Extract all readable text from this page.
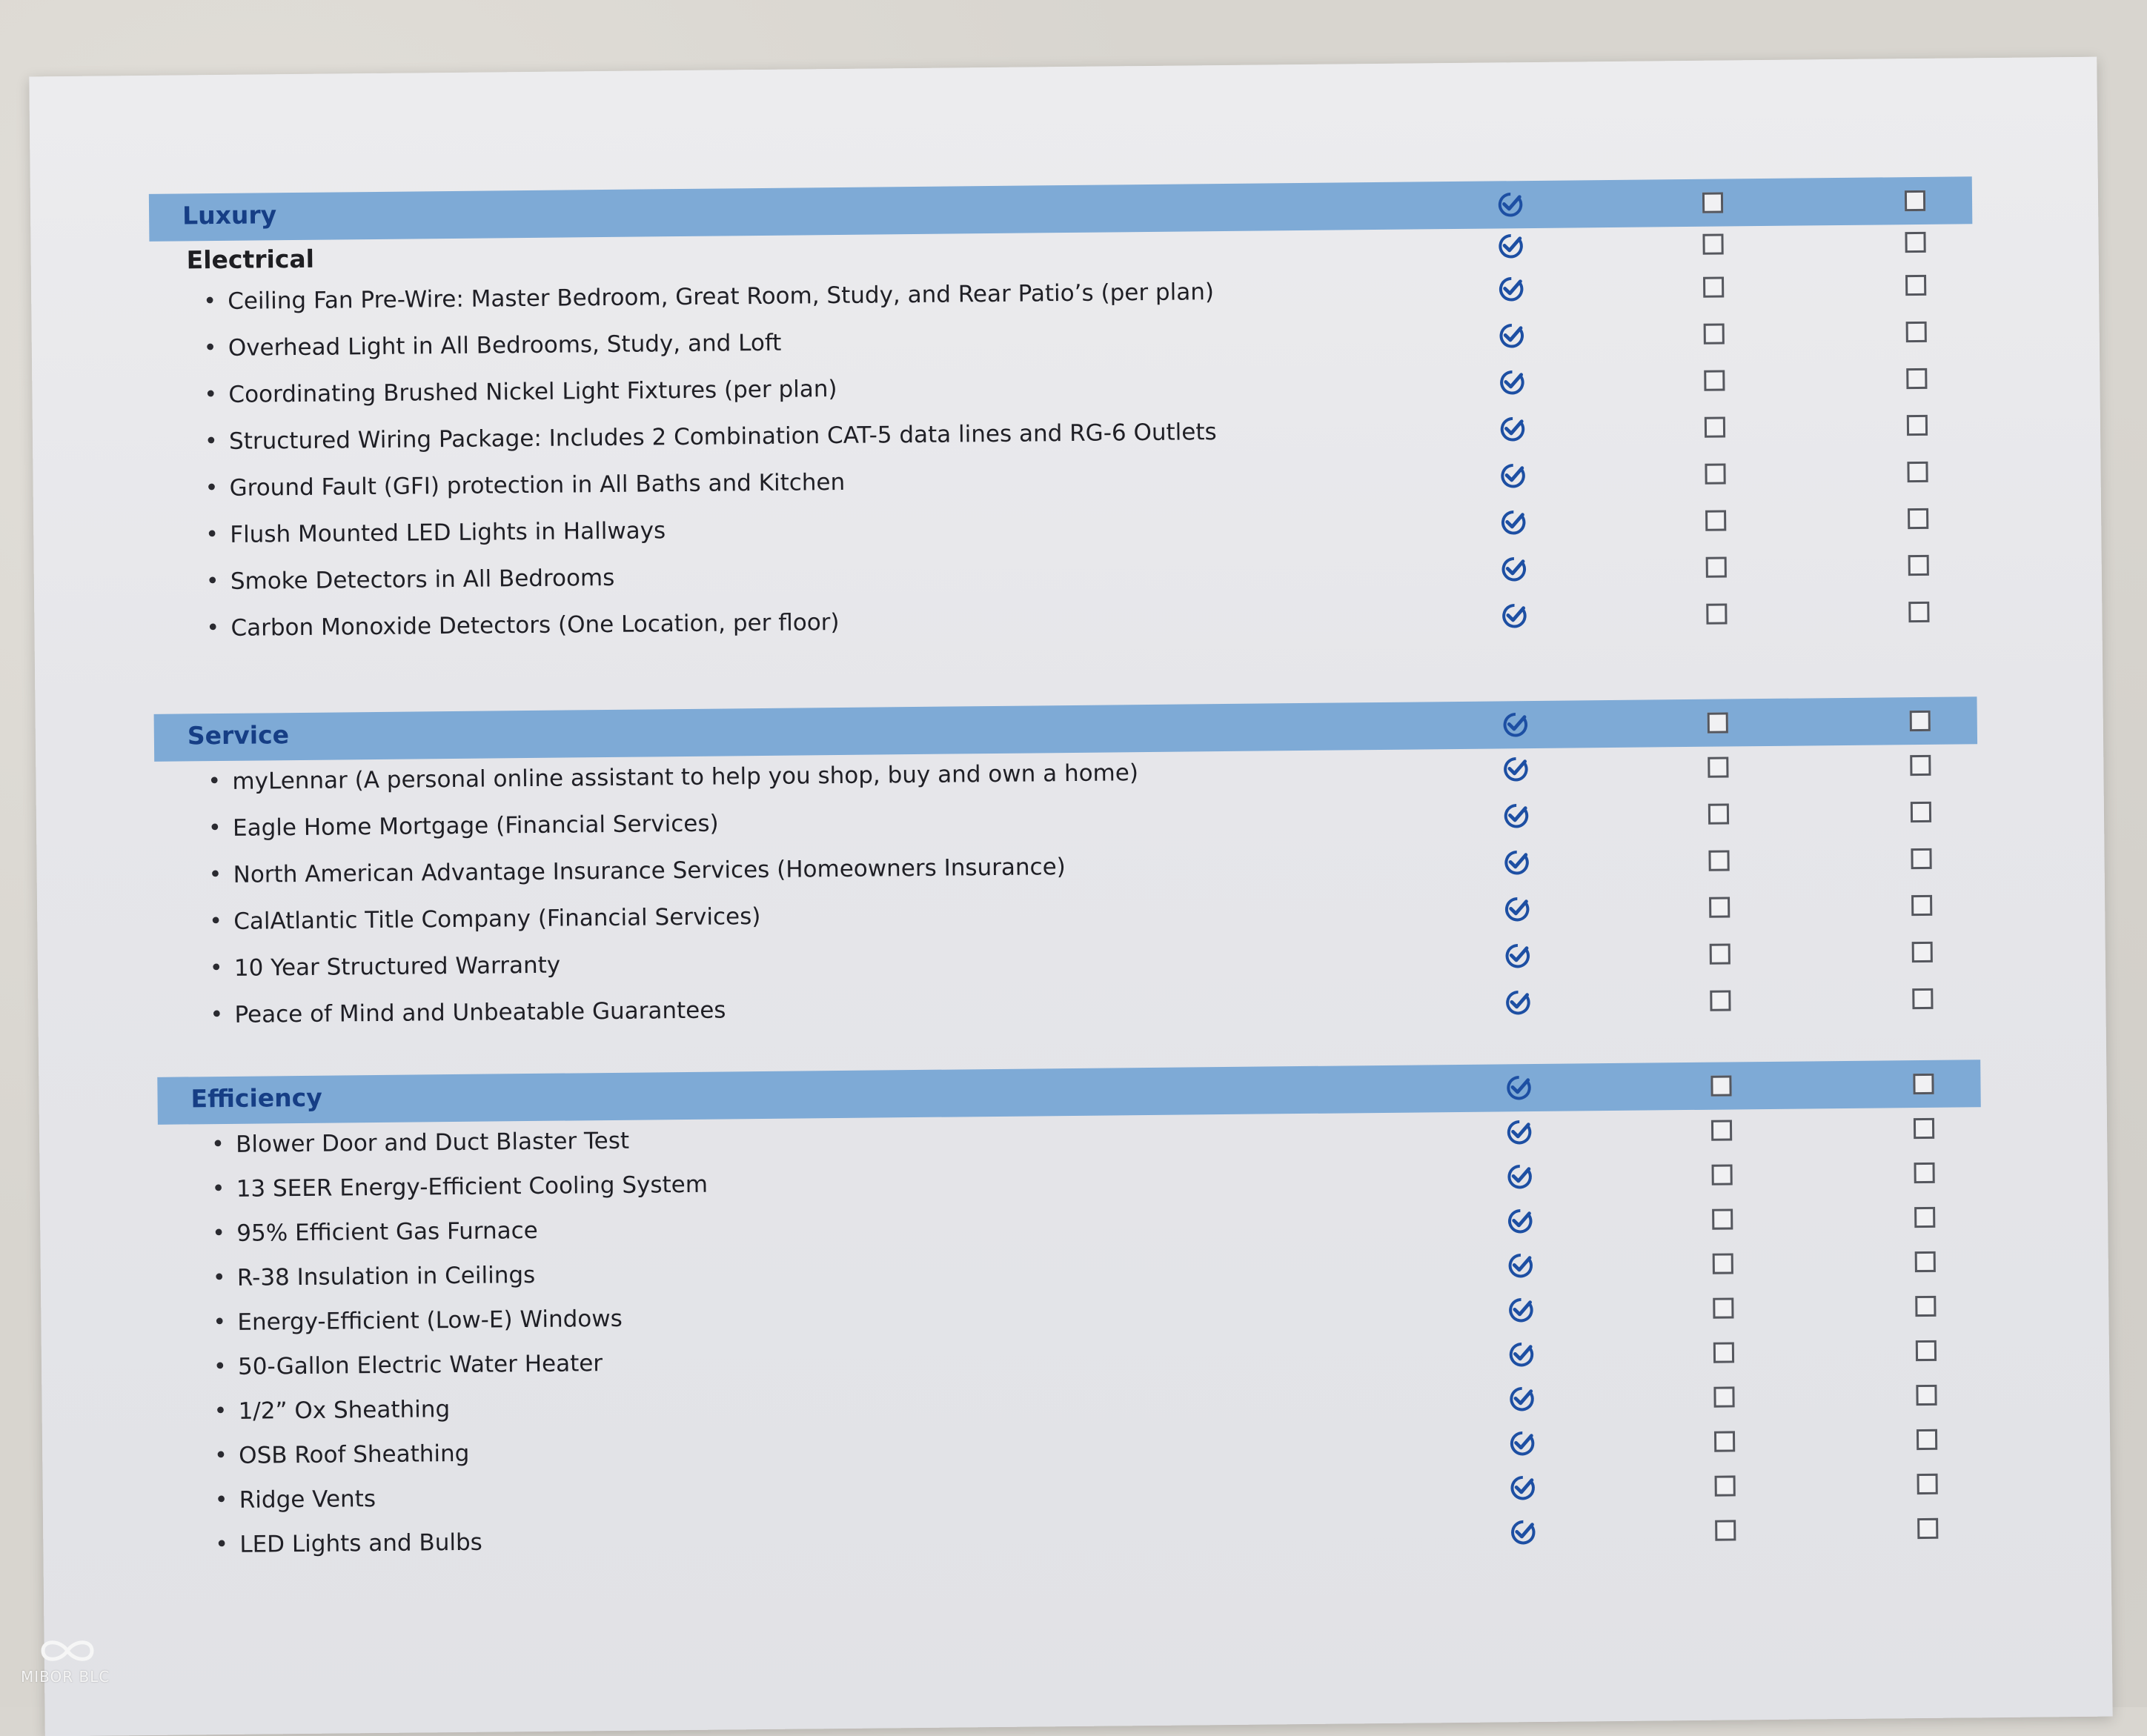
Luxury
Electrical
• Ceiling Fan Pre-Wire: Master Bedroom, Great Room, Study, and Rear Patio’s (per plan)
• Overhead Light in All Bedrooms, Study, and Loft
• Coordinating Brushed Nickel Light Fixtures (per plan)
• Structured Wiring Package: Includes 2 Combination CAT-5 data lines and RG-6 Outlets
• Ground Fault (GFI) protection in All Baths and Kitchen
• Flush Mounted LED Lights in Hallways
• Smoke Detectors in All Bedrooms
• Carbon Monoxide Detectors (One Location, per floor)
Service
• myLennar (A personal online assistant to help you shop, buy and own a home)
• Eagle Home Mortgage (Financial Services)
• North American Advantage Insurance Services (Homeowners Insurance)
• CalAtlantic Title Company (Financial Services)
• 10 Year Structured Warranty
• Peace of Mind and Unbeatable Guarantees
Efficiency
• Blower Door and Duct Blaster Test
• 13 SEER Energy-Efficient Cooling System
• 95% Efficient Gas Furnace
• R-38 Insulation in Ceilings
• Energy-Efficient (Low-E) Windows
• 50-Gallon Electric Water Heater
• 1/2” Ox Sheathing
• OSB Roof Sheathing
• Ridge Vents
• LED Lights and Bulbs
MIBOR BLC
